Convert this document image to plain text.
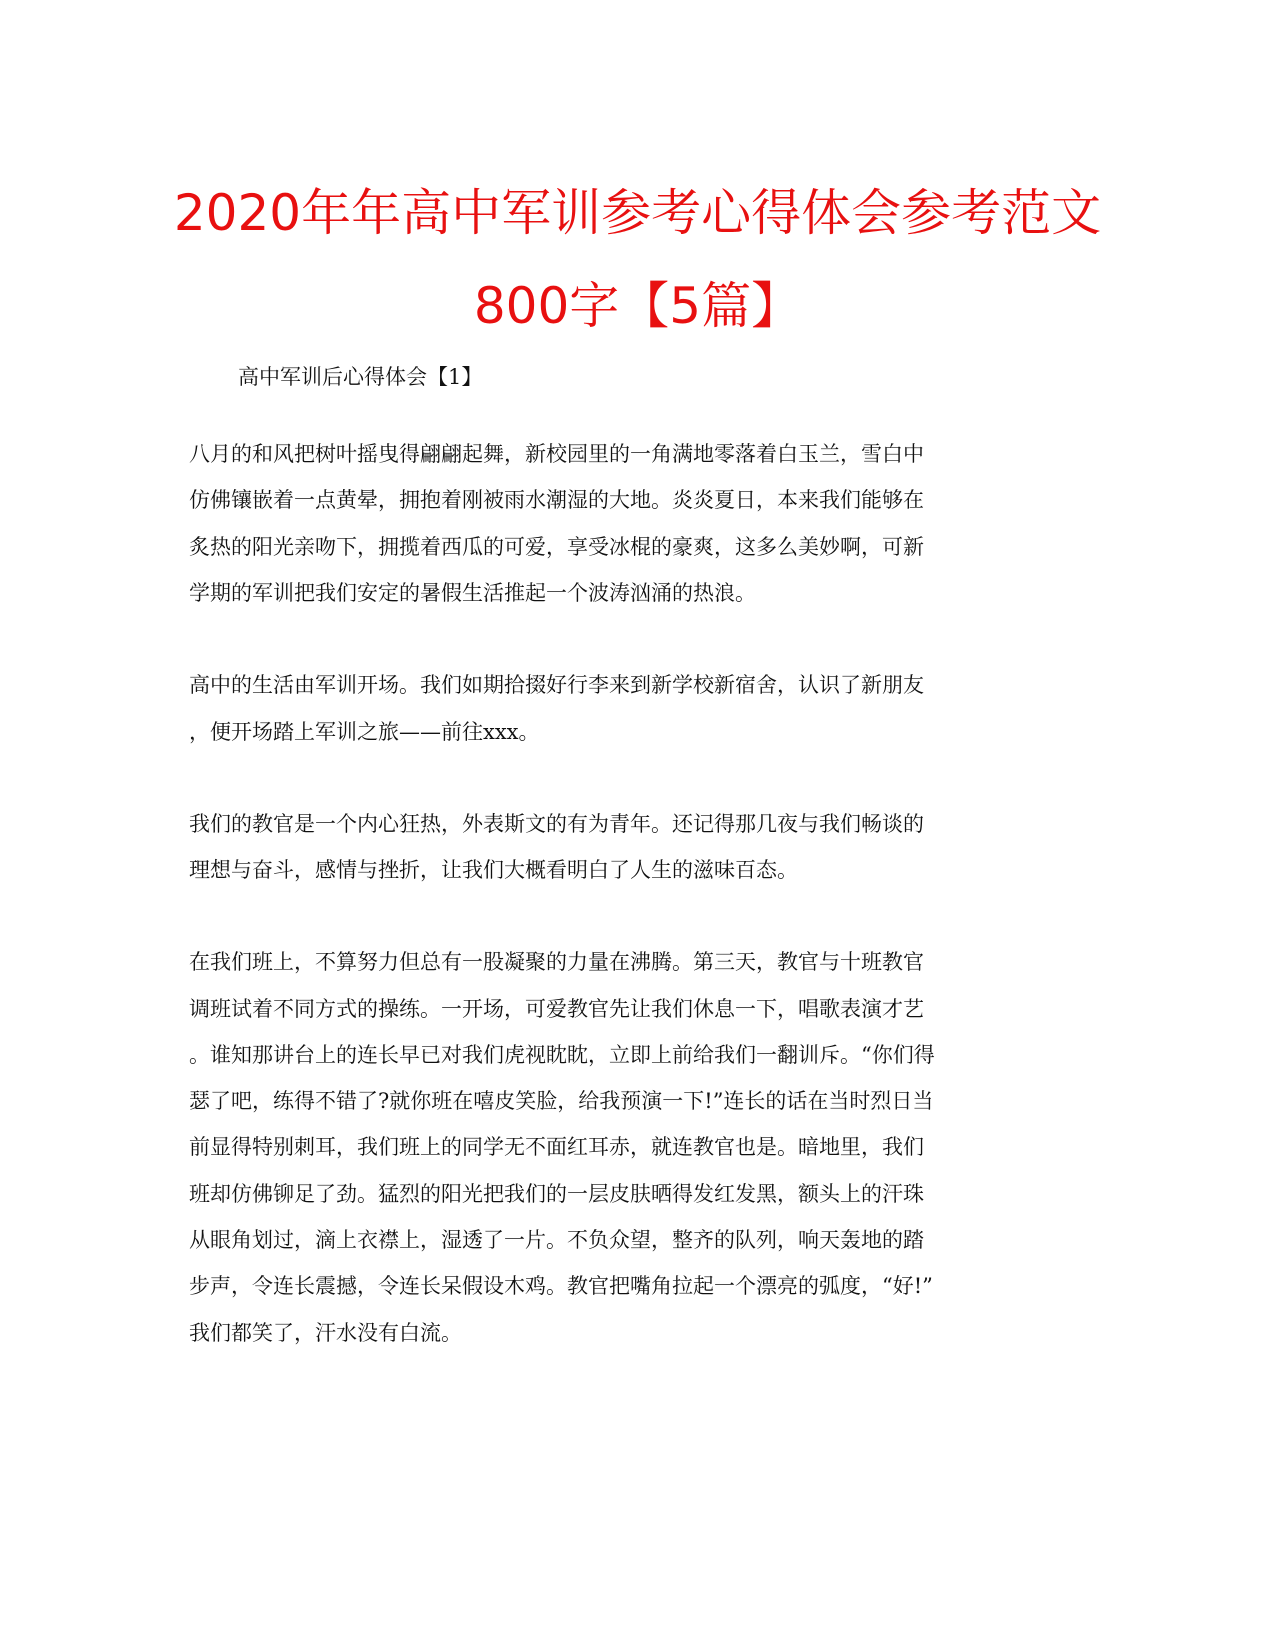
2020年年高中军训参考心得体会参考范文
800字【5篇】
高中军训后心得体会【1】
八月的和风把树叶摇曳得翩翩起舞，新校园里的一角满地零落着白玉兰，雪白中
仿佛镶嵌着一点黄晕，拥抱着刚被雨水潮湿的大地。炎炎夏日，本来我们能够在
炙热的阳光亲吻下，拥揽着西瓜的可爱，享受冰棍的豪爽，这多么美妙啊，可新
学期的军训把我们安定的暑假生活推起一个波涛汹涌的热浪。
高中的生活由军训开场。我们如期拾掇好行李来到新学校新宿舍，认识了新朋友
，便开场踏上军训之旅——前往xxx。
我们的教官是一个内心狂热，外表斯文的有为青年。还记得那几夜与我们畅谈的
理想与奋斗，感情与挫折，让我们大概看明白了人生的滋味百态。
在我们班上，不算努力但总有一股凝聚的力量在沸腾。第三天，教官与十班教官
调班试着不同方式的操练。一开场，可爱教官先让我们休息一下，唱歌表演才艺
。谁知那讲台上的连长早已对我们虎视眈眈，立即上前给我们一翻训斥。“你们得
瑟了吧，练得不错了?就你班在嘻皮笑脸，给我预演一下!”连长的话在当时烈日当
前显得特别刺耳，我们班上的同学无不面红耳赤，就连教官也是。暗地里，我们
班却仿佛铆足了劲。猛烈的阳光把我们的一层皮肤晒得发红发黑，额头上的汗珠
从眼角划过，滴上衣襟上，湿透了一片。不负众望，整齐的队列，响天轰地的踏
步声，令连长震撼，令连长呆假设木鸡。教官把嘴角拉起一个漂亮的弧度，“好!”
我们都笑了，汗水没有白流。
